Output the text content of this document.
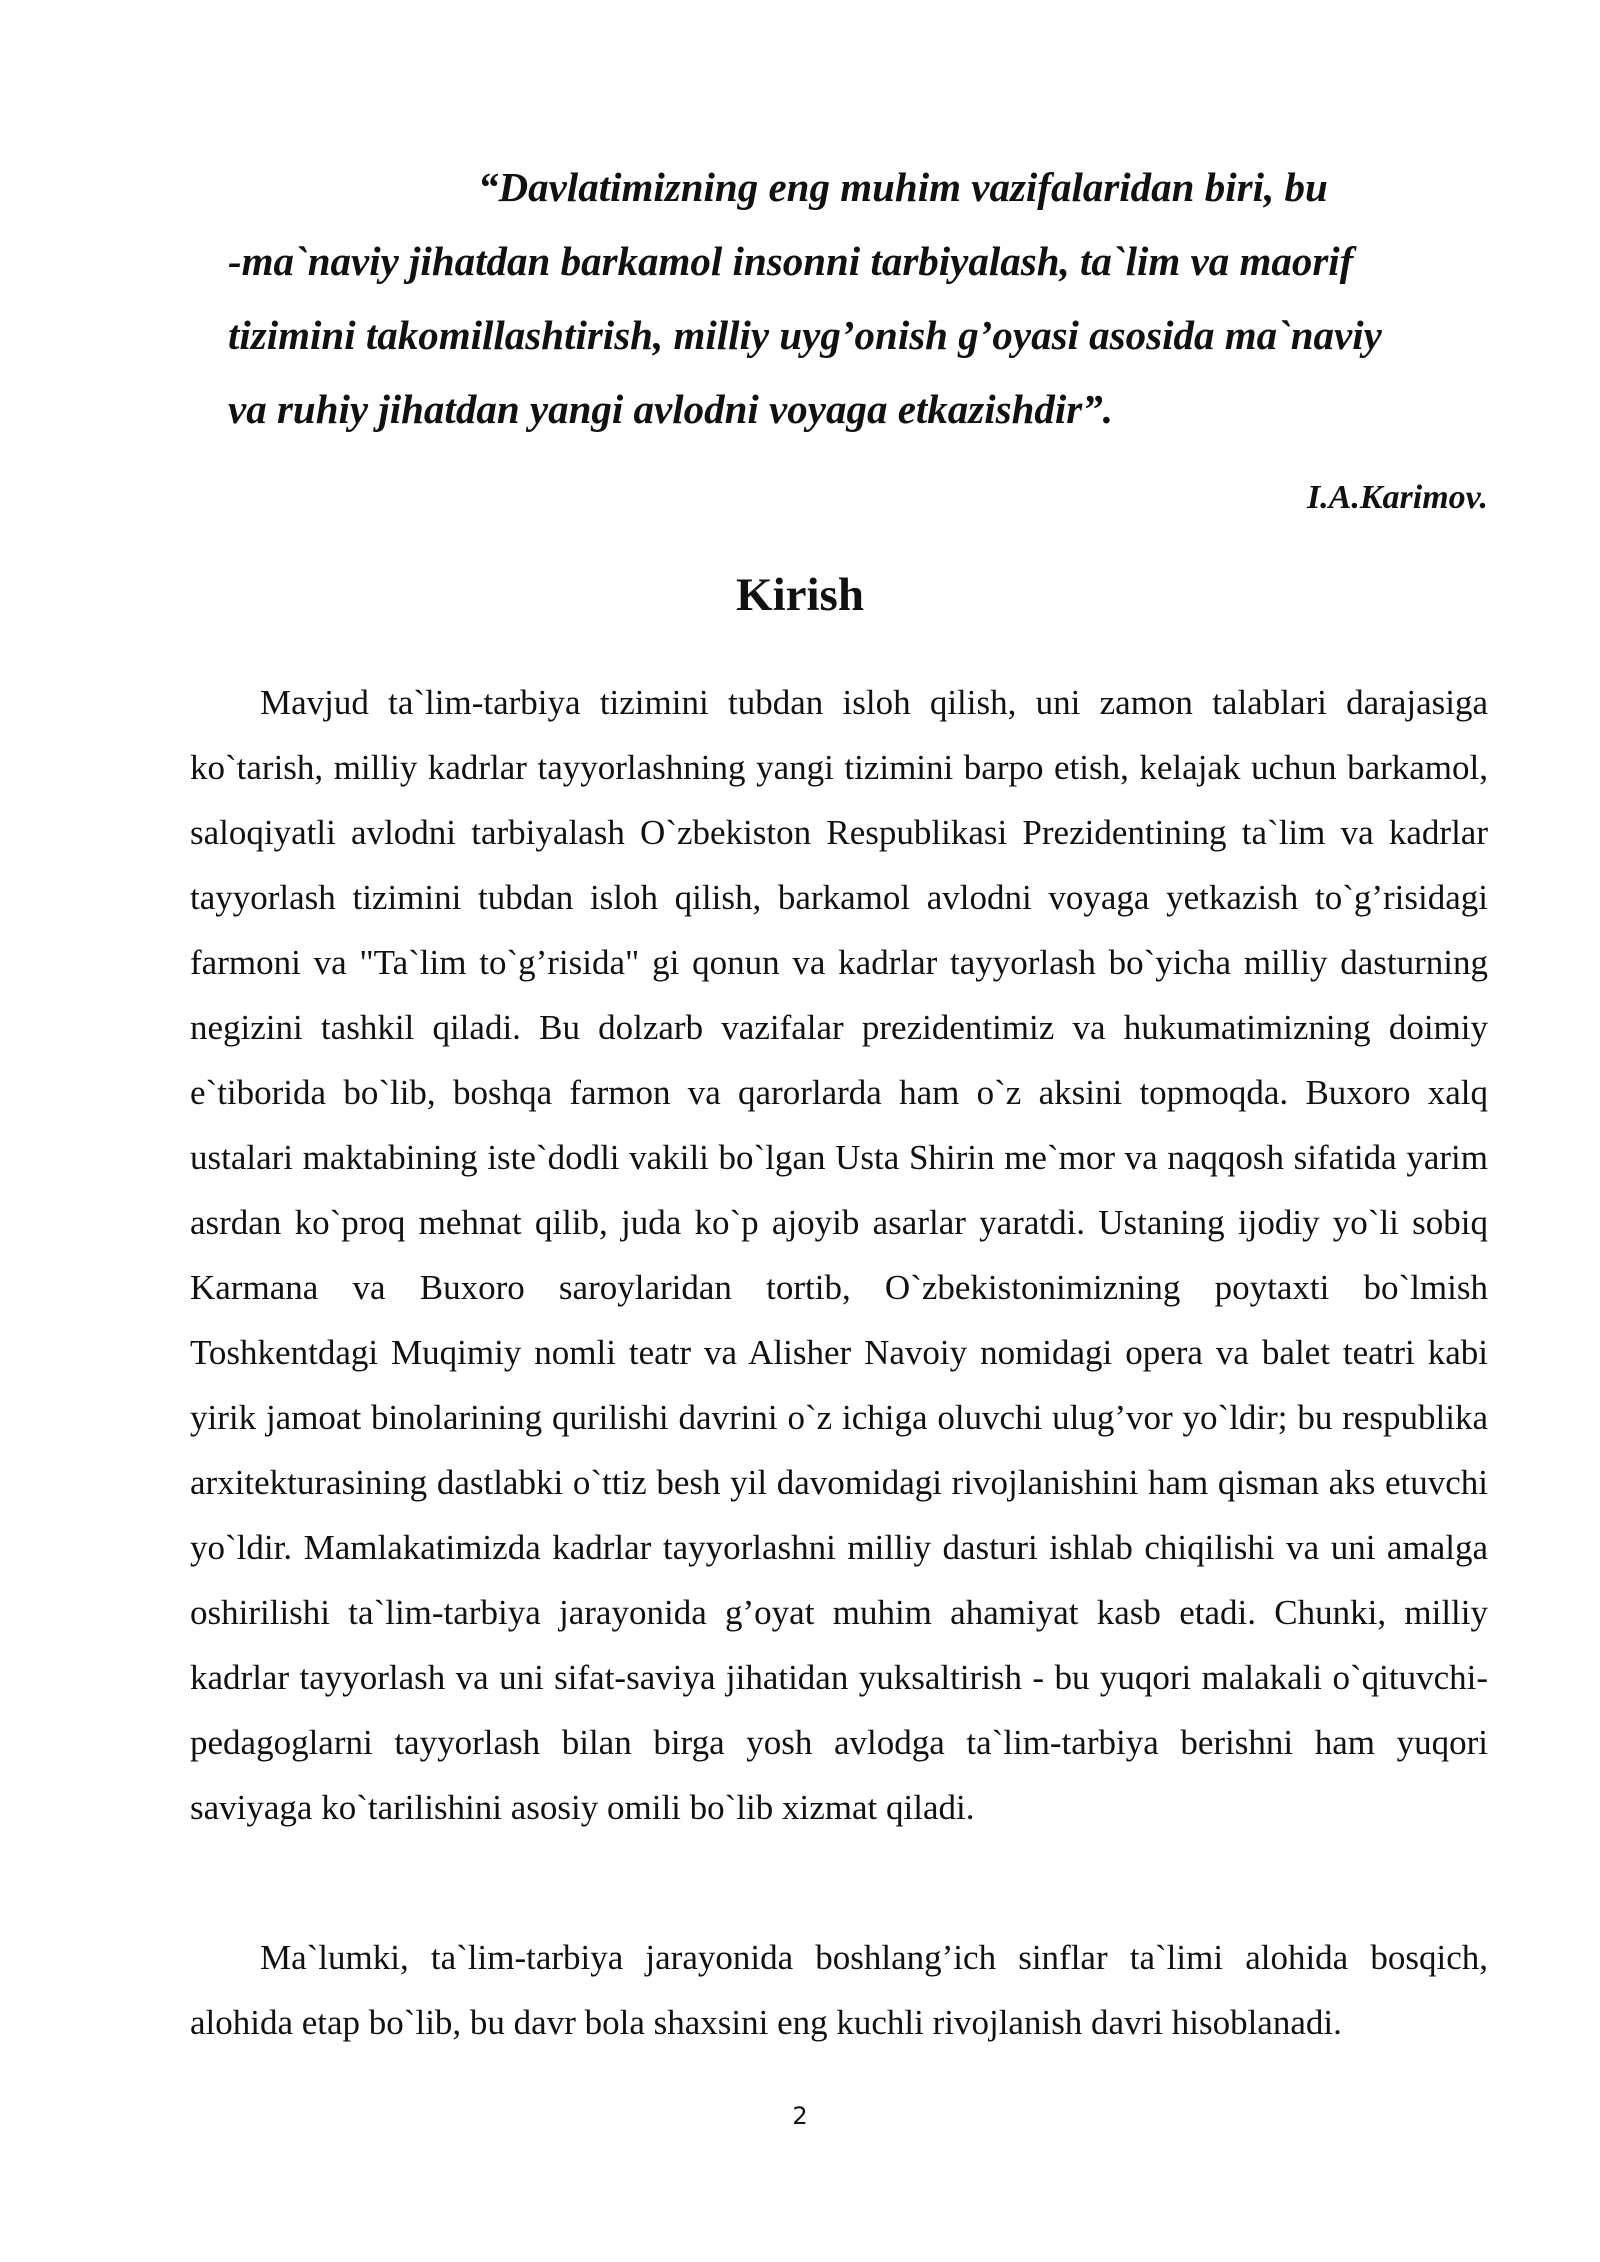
“Davlatimizning eng muhim vazifalaridan biri, bu
-ma`naviy jihatdan barkamol insonni tarbiyalash, ta`lim va maorif
tizimini takomillashtirish, milliy uyg’onish g’oyasi asosida ma`naviy
va ruhiy jihatdan yangi avlodni voyaga etkazishdir”.
I.A.Karimov.
Kirish

Mavjud ta`lim-tarbiya tizimini tubdan isloh qilish, uni zamon talablari darajasiga ko`tarish, milliy kadrlar tayyorlashning yangi tizimini barpo etish, kelajak uchun barkamol, saloqiyatli avlodni tarbiyalash O`zbekiston Respublikasi Prezidentining ta`lim va kadrlar tayyorlash tizimini tubdan isloh qilish, barkamol avlodni voyaga yetkazish to`g’risidagi farmoni va "Ta`lim to`g’risida" gi qonun va kadrlar tayyorlash bo`yicha milliy dasturning negizini tashkil qiladi. Bu dolzarb vazifalar prezidentimiz va hukumatimizning doimiy e`tiborida bo`lib, boshqa farmon va qarorlarda ham o`z aksini topmoqda. Buxoro xalq ustalari maktabining iste`dodli vakili bo`lgan Usta Shirin me`mor va naqqosh sifatida yarim asrdan ko`proq mehnat qilib, juda ko`p ajoyib asarlar yaratdi. Ustaning ijodiy yo`li sobiq Karmana va Buxoro saroylaridan tortib, O`zbekistonimizning poytaxti bo`lmish Toshkentdagi Muqimiy nomli teatr va Alisher Navoiy nomidagi opera va balet teatri kabi yirik jamoat binolarining qurilishi davrini o`z ichiga oluvchi ulug’vor yo`ldir; bu respublika arxitekturasining dastlabki o`ttiz besh yil davomidagi rivojlanishini ham qisman aks etuvchi yo`ldir. Mamlakatimizda kadrlar tayyorlashni milliy dasturi ishlab chiqilishi va uni amalga oshirilishi ta`lim-tarbiya jarayonida g’oyat muhim ahamiyat kasb etadi. Chunki, milliy kadrlar tayyorlash va uni sifat-saviya jihatidan yuksaltirish - bu yuqori malakali o`qituvchi-pedagoglarni tayyorlash bilan birga yosh avlodga ta`lim-tarbiya berishni ham yuqori saviyaga ko`tarilishini asosiy omili bo`lib xizmat qiladi.

Ma`lumki, ta`lim-tarbiya jarayonida boshlang’ich sinflar ta`limi alohida bosqich, alohida etap bo`lib, bu davr bola shaxsini eng kuchli rivojlanish davri hisoblanadi.

2
